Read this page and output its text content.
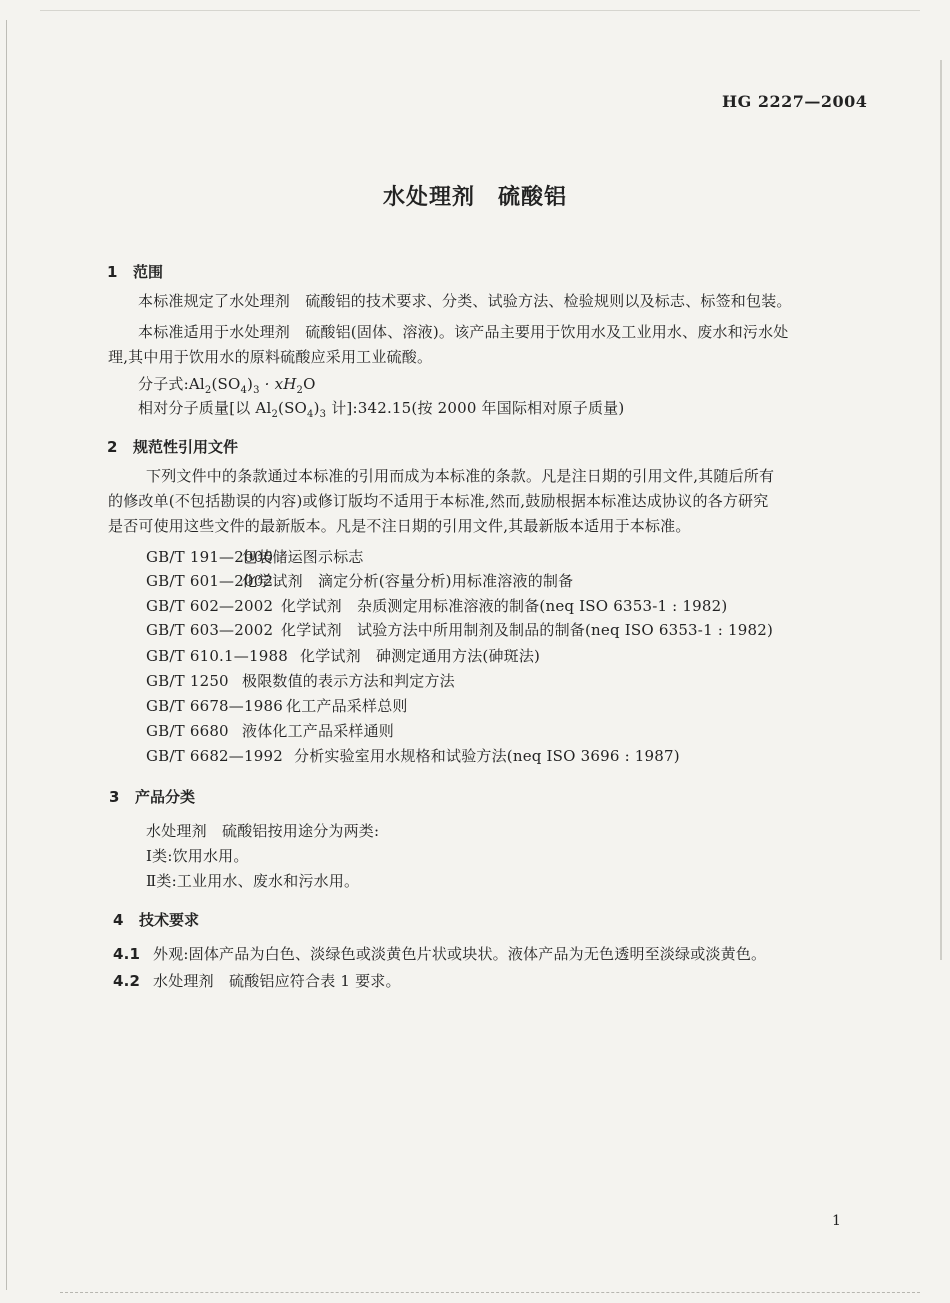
HG 2227—2004
水处理剂　硫酸铝
1 范围
本标准规定了水处理剂　硫酸铝的技术要求、分类、试验方法、检验规则以及标志、标签和包装。
本标准适用于水处理剂　硫酸铝(固体、溶液)。该产品主要用于饮用水及工业用水、废水和污水处
理,其中用于饮用水的原料硫酸应采用工业硫酸。
分子式$:Al_2(SO_4)_3 \cdot xH_2O$
相对分子质量[以 $Al_2(SO_4)_3$ 计]:342.15(按 2000 年国际相对原子质量)
2 规范性引用文件
下列文件中的条款通过本标准的引用而成为本标准的条款。凡是注日期的引用文件,其随后所有
的修改单(不包括勘误的内容)或修订版均不适用于本标准,然而,鼓励根据本标准达成协议的各方研究
是否可使用这些文件的最新版本。凡是不注日期的引用文件,其最新版本适用于本标准。
GB/T 191—2000包装储运图示标志
GB/T 601—2002化学试剂　滴定分析(容量分析)用标准溶液的制备
GB/T 602—2002 化学试剂　杂质测定用标准溶液的制备(neq ISO 6353-1 : 1982)
GB/T 603—2002 化学试剂　试验方法中所用制剂及制品的制备(neq ISO 6353-1 : 1982)
GB/T 610.1—1988 化学试剂　砷测定通用方法(砷斑法)
GB/T 1250 极限数值的表示方法和判定方法
GB/T 6678—1986 化工产品采样总则
GB/T 6680 液体化工产品采样通则
GB/T 6682—1992 分析实验室用水规格和试验方法(neq ISO 3696 : 1987)
3 产品分类
水处理剂　硫酸铝按用途分为两类:
Ⅰ类:饮用水用。
Ⅱ类:工业用水、废水和污水用。
4 技术要求
4.1 外观:固体产品为白色、淡绿色或淡黄色片状或块状。液体产品为无色透明至淡绿或淡黄色。
4.2 水处理剂　硫酸铝应符合表 1 要求。
1
